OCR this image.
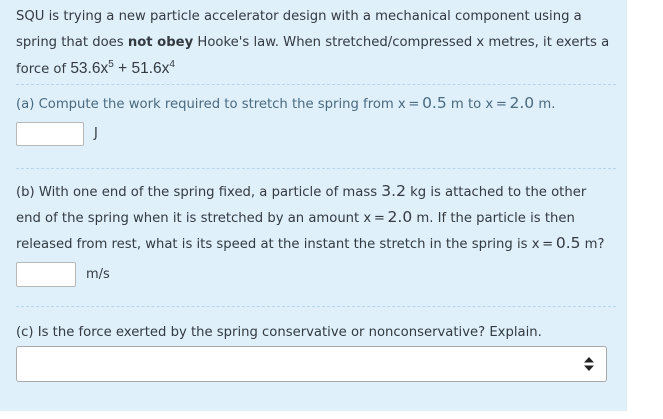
SQU is trying a new particle accelerator design with a mechanical component using a
spring that does not obey Hooke's law. When stretched/compressed x metres, it exerts a
force of $53.6x^5 + 51.6x^4$
(a) Compute the work required to stretch the spring from x = 0.5 m to x = 2.0 m.
J
(b) With one end of the spring fixed, a particle of mass 3.2 kg is attached to the other
end of the spring when it is stretched by an amount x = 2.0 m. If the particle is then
released from rest, what is its speed at the instant the stretch in the spring is x = 0.5 m?
m/s
(c) Is the force exerted by the spring conservative or nonconservative? Explain.
